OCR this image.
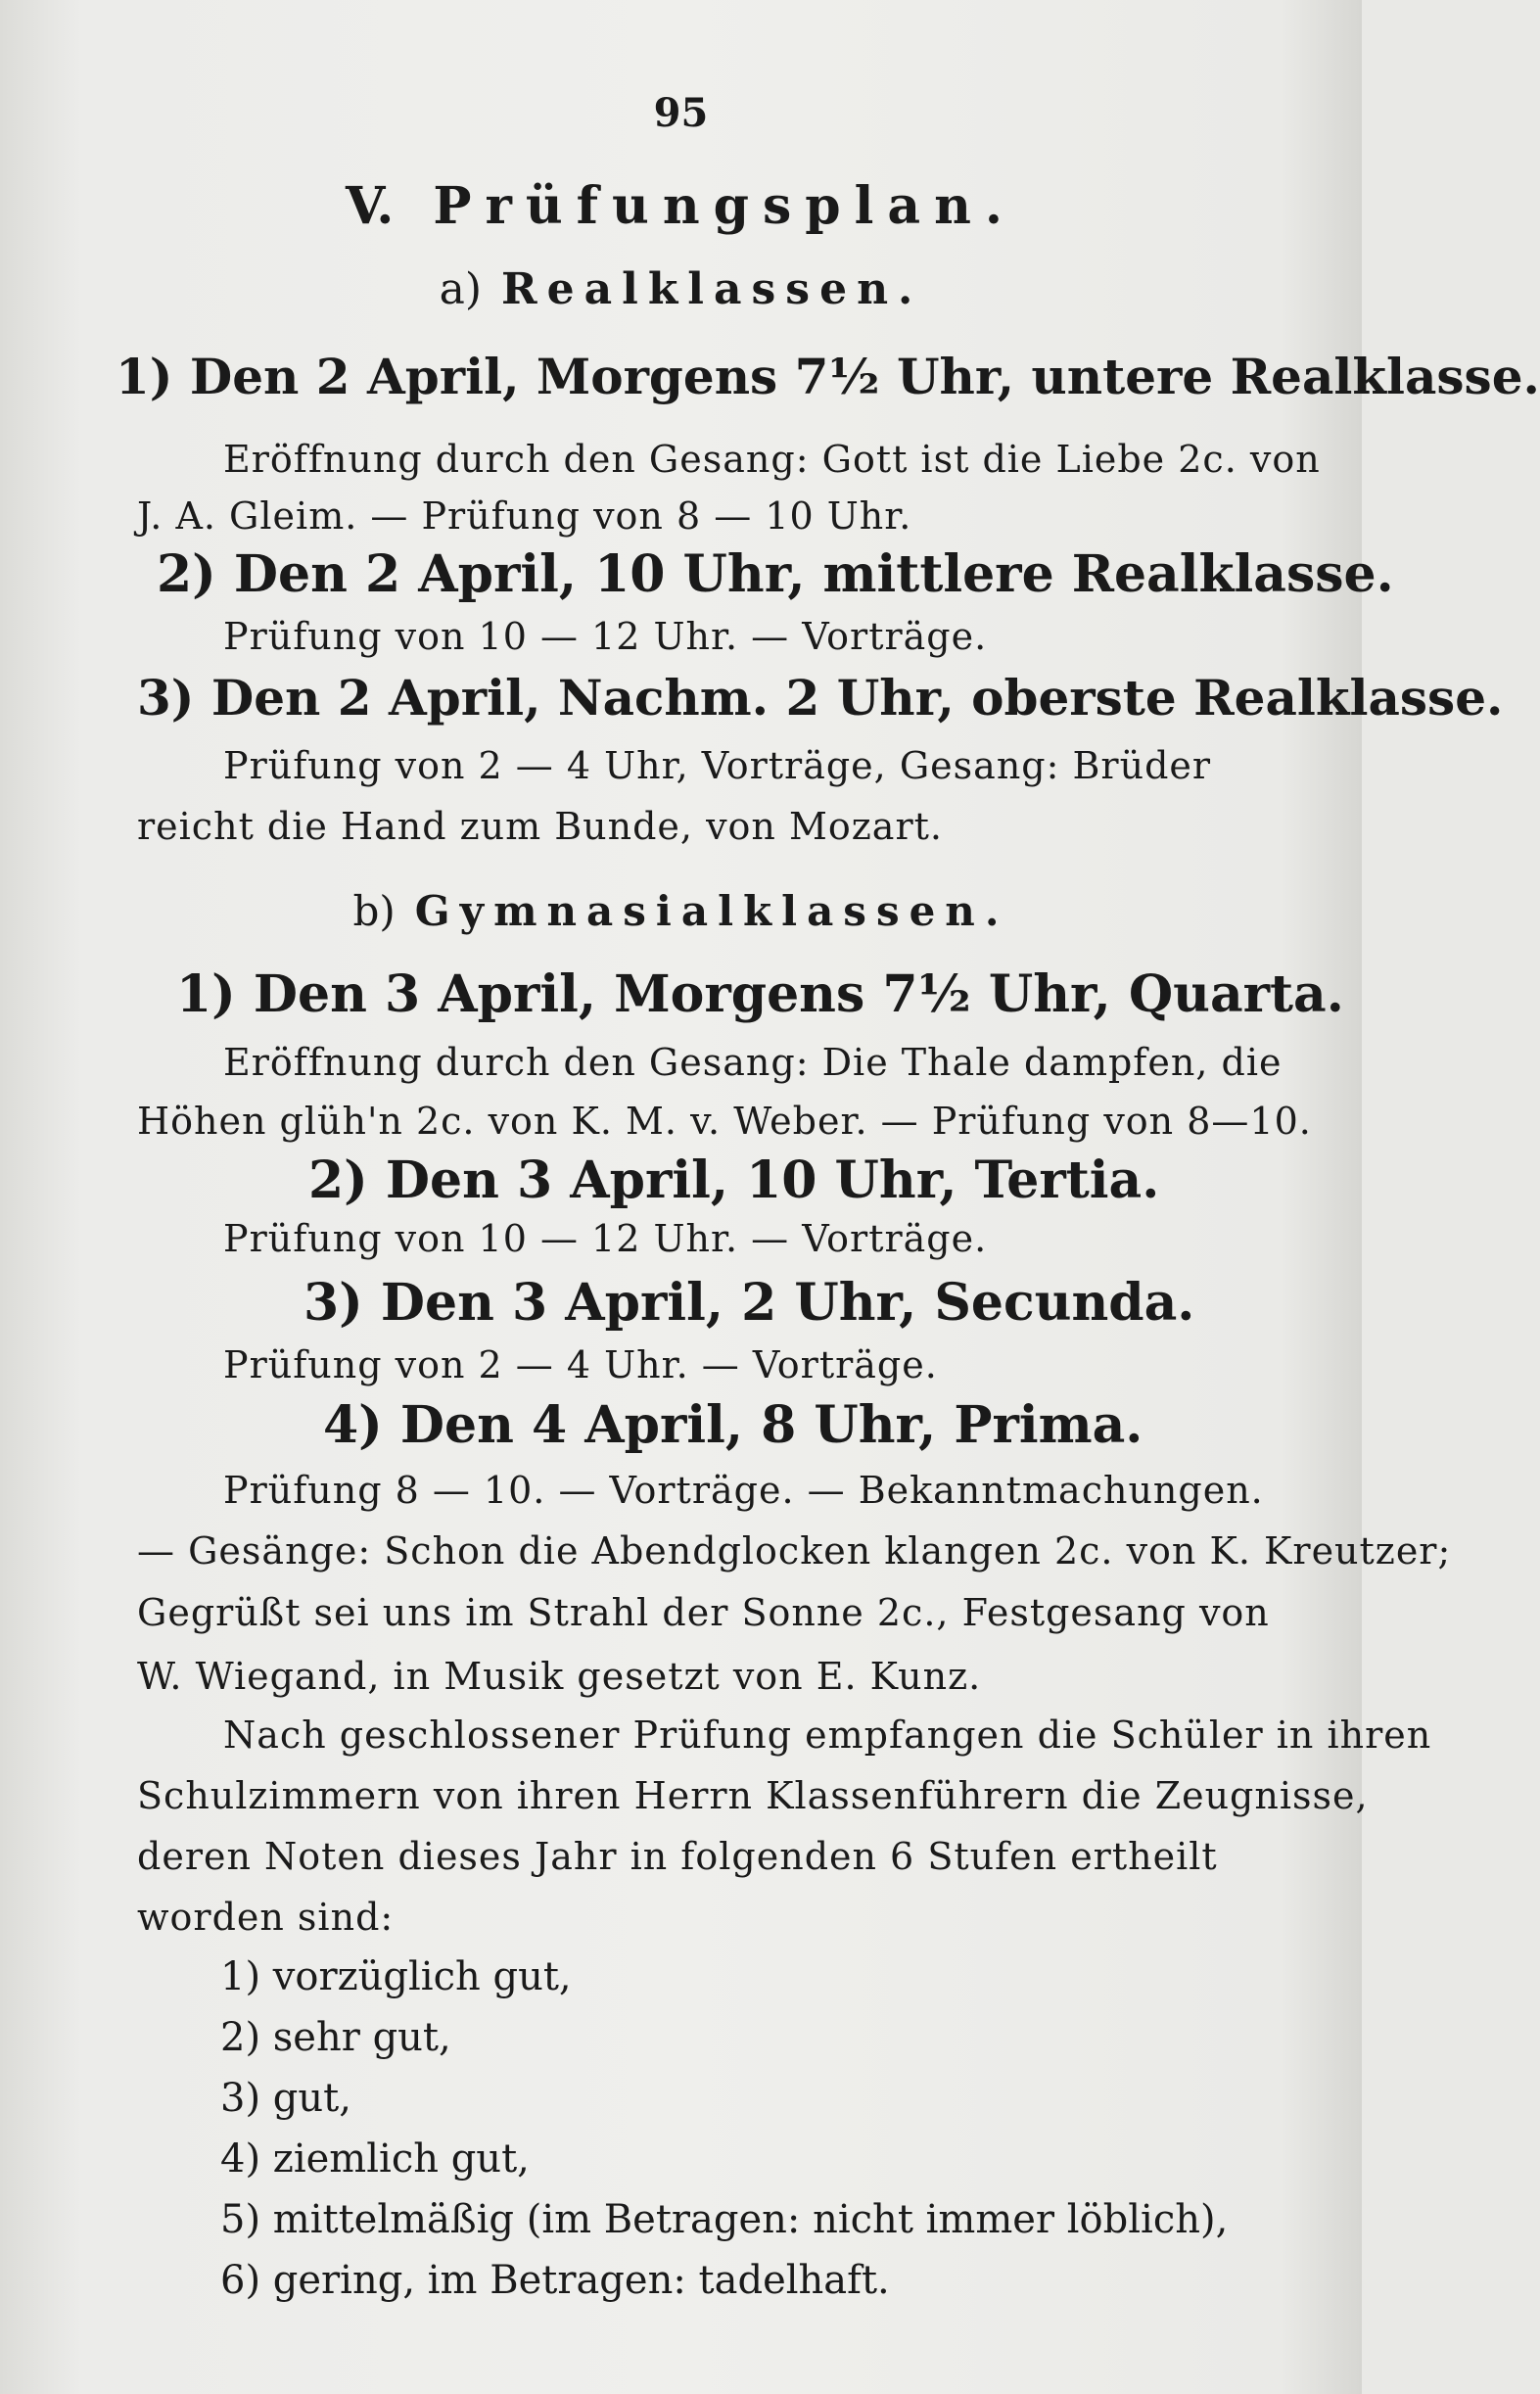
95
V. Prüfungsplan.
a) Realklassen.
1) Den 2 April, Morgens 7½ Uhr, untere Realklasse.
Eröffnung durch den Gesang: Gott ist die Liebe 2c. von
J. A. Gleim. — Prüfung von 8 — 10 Uhr.
2) Den 2 April, 10 Uhr, mittlere Realklasse.
Prüfung von 10 — 12 Uhr. — Vorträge.
3) Den 2 April, Nachm. 2 Uhr, oberste Realklasse.
Prüfung von 2 — 4 Uhr, Vorträge, Gesang: Brüder
reicht die Hand zum Bunde, von Mozart.
b) Gymnasialklassen.
1) Den 3 April, Morgens 7½ Uhr, Quarta.
Eröffnung durch den Gesang: Die Thale dampfen, die
Höhen glüh'n 2c. von K. M. v. Weber. — Prüfung von 8—10.
2) Den 3 April, 10 Uhr, Tertia.
Prüfung von 10 — 12 Uhr. — Vorträge.
3) Den 3 April, 2 Uhr, Secunda.
Prüfung von 2 — 4 Uhr. — Vorträge.
4) Den 4 April, 8 Uhr, Prima.
Prüfung 8 — 10. — Vorträge. — Bekanntmachungen.
— Gesänge: Schon die Abendglocken klangen 2c. von K. Kreutzer;
Gegrüßt sei uns im Strahl der Sonne 2c., Festgesang von
W. Wiegand, in Musik gesetzt von E. Kunz.
Nach geschlossener Prüfung empfangen die Schüler in ihren
Schulzimmern von ihren Herrn Klassenführern die Zeugnisse,
deren Noten dieses Jahr in folgenden 6 Stufen ertheilt
worden sind:
1) vorzüglich gut,
2) sehr gut,
3) gut,
4) ziemlich gut,
5) mittelmäßig (im Betragen: nicht immer löblich),
6) gering, im Betragen: tadelhaft.
